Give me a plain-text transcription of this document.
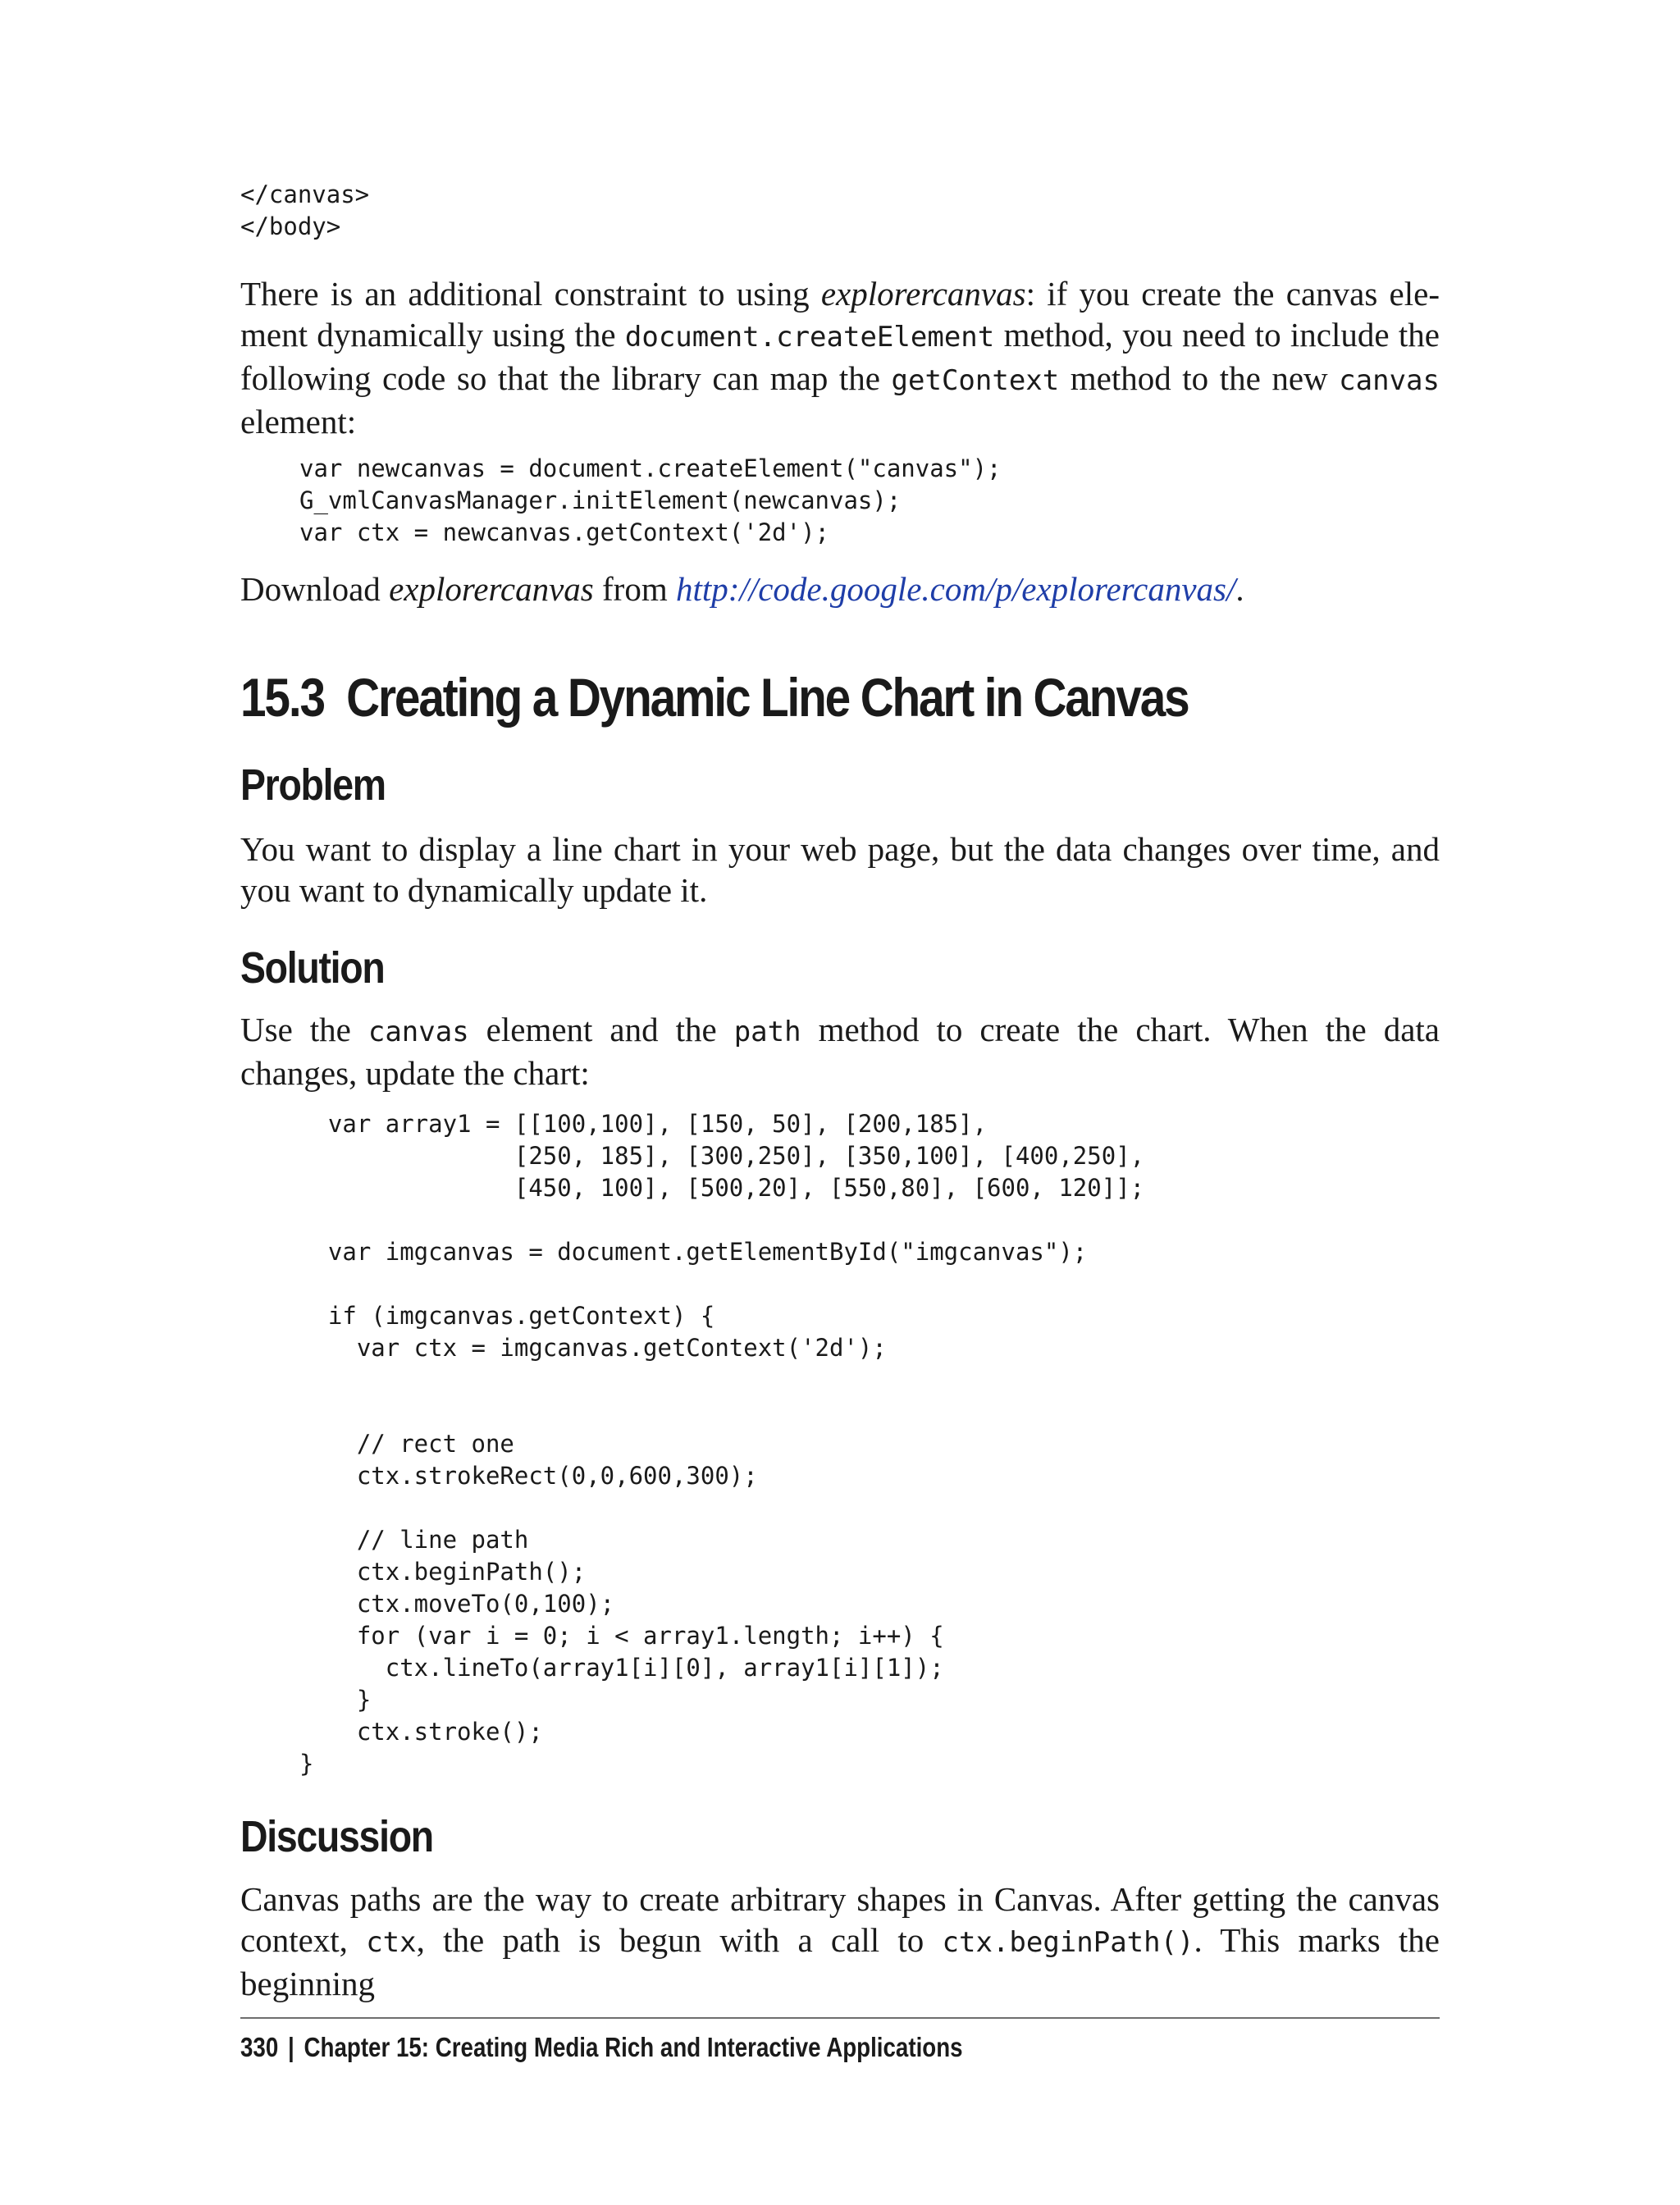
</canvas>
</body>

There is an additional constraint to using explorercanvas: if you create the canvas ele-ment dynamically using the document.createElement method, you need to include the following code so that the library can map the getContext method to the new canvas element:

var newcanvas = document.createElement("canvas");
G_vmlCanvasManager.initElement(newcanvas);
var ctx = newcanvas.getContext('2d');

Download explorercanvas from http://code.google.com/p/explorercanvas/.

15.3 Creating a Dynamic Line Chart in Canvas
Problem

You want to display a line chart in your web page, but the data changes over time, and you want to dynamically update it.

Solution

Use the canvas element and the path method to create the chart. When the data changes, update the chart:

var array1 = [[100,100], [150, 50], [200,185],
[250, 185], [300,250], [350,100], [400,250],
[450, 100], [500,20], [550,80], [600, 120]];

var imgcanvas = document.getElementById("imgcanvas");

if (imgcanvas.getContext) {
var ctx = imgcanvas.getContext('2d');

// rect one
ctx.strokeRect(0,0,600,300);

// line path
ctx.beginPath();
ctx.moveTo(0,100);
for (var i = 0; i < array1.length; i++) {
ctx.lineTo(array1[i][0], array1[i][1]);
}
ctx.stroke();
}
Discussion

Canvas paths are the way to create arbitrary shapes in Canvas. After getting the canvas context, ctx, the path is begun with a call to ctx.beginPath(). This marks the beginning

330 | Chapter 15: Creating Media Rich and Interactive Applications
